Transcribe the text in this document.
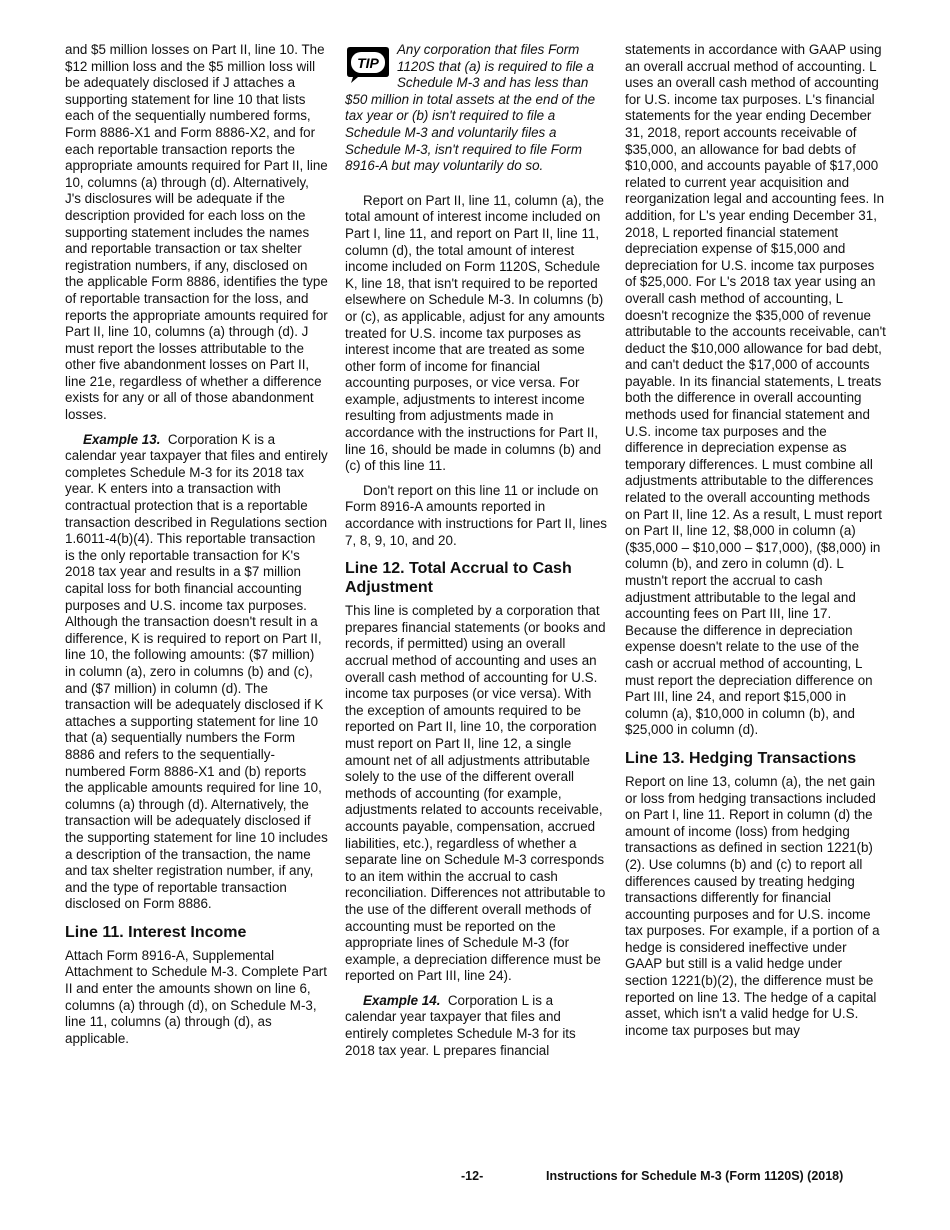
and $5 million losses on Part II, line 10. The $12 million loss and the $5 million loss will be adequately disclosed if J attaches a supporting statement for line 10 that lists each of the sequentially numbered forms, Form 8886-X1 and Form 8886-X2, and for each reportable transaction reports the appropriate amounts required for Part II, line 10, columns (a) through (d). Alternatively, J's disclosures will be adequate if the description provided for each loss on the supporting statement includes the names and reportable transaction or tax shelter registration numbers, if any, disclosed on the applicable Form 8886, identifies the type of reportable transaction for the loss, and reports the appropriate amounts required for Part II, line 10, columns (a) through (d). J must report the losses attributable to the other five abandonment losses on Part II, line 21e, regardless of whether a difference exists for any or all of those abandonment losses.

Example 13. Corporation K is a calendar year taxpayer that files and entirely completes Schedule M-3 for its 2018 tax year. K enters into a transaction with contractual protection that is a reportable transaction described in Regulations section 1.6011-4(b)(4). This reportable transaction is the only reportable transaction for K's 2018 tax year and results in a $7 million capital loss for both financial accounting purposes and U.S. income tax purposes. Although the transaction doesn't result in a difference, K is required to report on Part II, line 10, the following amounts: ($7 million) in column (a), zero in columns (b) and (c), and ($7 million) in column (d). The transaction will be adequately disclosed if K attaches a supporting statement for line 10 that (a) sequentially numbers the Form 8886 and refers to the sequentially-numbered Form 8886-X1 and (b) reports the applicable amounts required for line 10, columns (a) through (d). Alternatively, the transaction will be adequately disclosed if the supporting statement for line 10 includes a description of the transaction, the name and tax shelter registration number, if any, and the type of reportable transaction disclosed on Form 8886.

Line 11. Interest Income

Attach Form 8916-A, Supplemental Attachment to Schedule M-3. Complete Part II and enter the amounts shown on line 6, columns (a) through (d), on Schedule M-3, line 11, columns (a) through (d), as applicable.

TIP

Any corporation that files Form 1120S that (a) is required to file a Schedule M-3 and has less than $50 million in total assets at the end of the tax year or (b) isn't required to file a Schedule M-3 and voluntarily files a Schedule M-3, isn't required to file Form 8916-A but may voluntarily do so.

Report on Part II, line 11, column (a), the total amount of interest income included on Part I, line 11, and report on Part II, line 11, column (d), the total amount of interest income included on Form 1120S, Schedule K, line 18, that isn't required to be reported elsewhere on Schedule M-3. In columns (b) or (c), as applicable, adjust for any amounts treated for U.S. income tax purposes as interest income that are treated as some other form of income for financial accounting purposes, or vice versa. For example, adjustments to interest income resulting from adjustments made in accordance with the instructions for Part II, line 16, should be made in columns (b) and (c) of this line 11.

Don't report on this line 11 or include on Form 8916-A amounts reported in accordance with instructions for Part II, lines 7, 8, 9, 10, and 20.

Line 12. Total Accrual to Cash Adjustment

This line is completed by a corporation that prepares financial statements (or books and records, if permitted) using an overall accrual method of accounting and uses an overall cash method of accounting for U.S. income tax purposes (or vice versa). With the exception of amounts required to be reported on Part II, line 10, the corporation must report on Part II, line 12, a single amount net of all adjustments attributable solely to the use of the different overall methods of accounting (for example, adjustments related to accounts receivable, accounts payable, compensation, accrued liabilities, etc.), regardless of whether a separate line on Schedule M-3 corresponds to an item within the accrual to cash reconciliation. Differences not attributable to the use of the different overall methods of accounting must be reported on the appropriate lines of Schedule M-3 (for example, a depreciation difference must be reported on Part III, line 24).

Example 14. Corporation L is a calendar year taxpayer that files and entirely completes Schedule M-3 for its 2018 tax year. L prepares financial

statements in accordance with GAAP using an overall accrual method of accounting. L uses an overall cash method of accounting for U.S. income tax purposes. L's financial statements for the year ending December 31, 2018, report accounts receivable of $35,000, an allowance for bad debts of $10,000, and accounts payable of $17,000 related to current year acquisition and reorganization legal and accounting fees. In addition, for L's year ending December 31, 2018, L reported financial statement depreciation expense of $15,000 and depreciation for U.S. income tax purposes of $25,000. For L's 2018 tax year using an overall cash method of accounting, L doesn't recognize the $35,000 of revenue attributable to the accounts receivable, can't deduct the $10,000 allowance for bad debt, and can't deduct the $17,000 of accounts payable. In its financial statements, L treats both the difference in overall accounting methods used for financial statement and U.S. income tax purposes and the difference in depreciation expense as temporary differences. L must combine all adjustments attributable to the differences related to the overall accounting methods on Part II, line 12. As a result, L must report on Part II, line 12, $8,000 in column (a) ($35,000 – $10,000 – $17,000), ($8,000) in column (b), and zero in column (d). L mustn't report the accrual to cash adjustment attributable to the legal and accounting fees on Part III, line 17. Because the difference in depreciation expense doesn't relate to the use of the cash or accrual method of accounting, L must report the depreciation difference on Part III, line 24, and report $15,000 in column (a), $10,000 in column (b), and $25,000 in column (d).

Line 13. Hedging Transactions

Report on line 13, column (a), the net gain or loss from hedging transactions included on Part I, line 11. Report in column (d) the amount of income (loss) from hedging transactions as defined in section 1221(b)(2). Use columns (b) and (c) to report all differences caused by treating hedging transactions differently for financial accounting purposes and for U.S. income tax purposes. For example, if a portion of a hedge is considered ineffective under GAAP but still is a valid hedge under section 1221(b)(2), the difference must be reported on line 13. The hedge of a capital asset, which isn't a valid hedge for U.S. income tax purposes but may

-12-	Instructions for Schedule M-3 (Form 1120S) (2018)
